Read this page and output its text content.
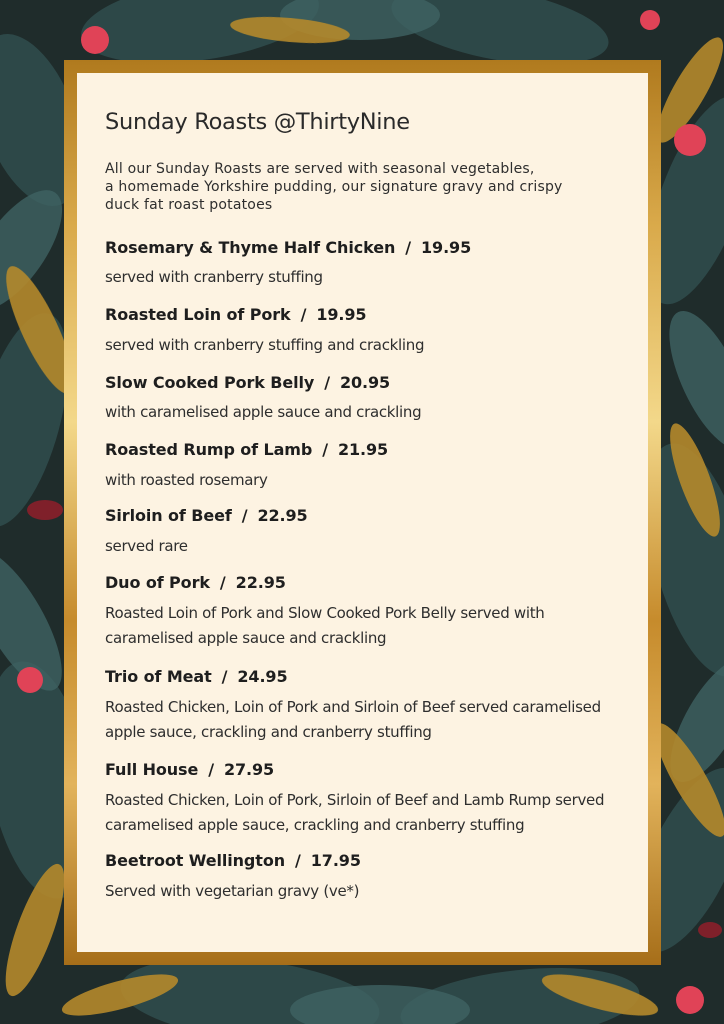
Sunday Roasts @ThirtyNine
All our Sunday Roasts are served with seasonal vegetables,
a homemade Yorkshire pudding, our signature gravy and crispy
duck fat roast potatoes
Rosemary & Thyme Half Chicken / 19.95
served with cranberry stuffing
Roasted Loin of Pork / 19.95
served with cranberry stuffing and crackling
Slow Cooked Pork Belly / 20.95
with caramelised apple sauce and crackling
Roasted Rump of Lamb / 21.95
with roasted rosemary
Sirloin of Beef / 22.95
served rare
Duo of Pork / 22.95
Roasted Loin of Pork and Slow Cooked Pork Belly served with
caramelised apple sauce and crackling
Trio of Meat / 24.95
Roasted Chicken, Loin of Pork and Sirloin of Beef served caramelised
apple sauce, crackling and cranberry stuffing
Full House / 27.95
Roasted Chicken, Loin of Pork, Sirloin of Beef and Lamb Rump served
caramelised apple sauce, crackling and cranberry stuffing
Beetroot Wellington / 17.95
Served with vegetarian gravy (ve*)
